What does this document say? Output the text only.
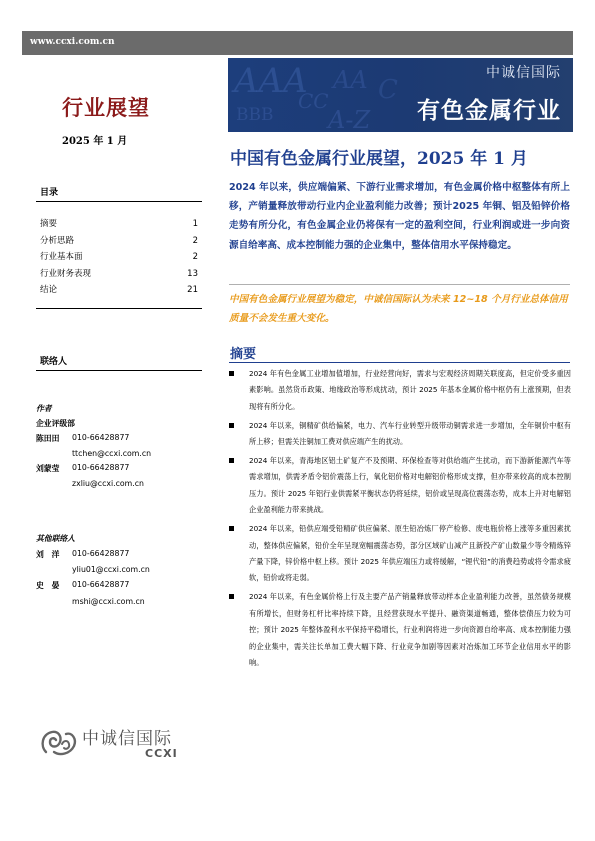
www.ccxi.com.cn
行业展望
2025 年 1 月
AAA
BBB
CC
A-Z
AA C
中诚信国际
有色金属行业
中国有色金属行业展望，2025 年 1 月
2024 年以来，供应端偏紧、下游行业需求增加，有色金属价格中枢整体有所上移，产销量释放带动行业内企业盈利能力改善；预计2025 年铜、铝及铅锌价格走势有所分化，有色金属企业仍将保有一定的盈利空间，行业利润或进一步向资源自给率高、成本控制能力强的企业集中，整体信用水平保持稳定。
中国有色金属行业展望为稳定，中诚信国际认为未来 12~18 个月行业总体信用质量不会发生重大变化。
摘要
2024 年有色金属工业增加值增加，行业经营向好，需求与宏观经济周期关联度高，但定价受多重因素影响。虽然货币政策、地缘政治等形成扰动，预计 2025 年基本金属价格中枢仍有上涨预期，但表现将有所分化。
2024 年以来，铜精矿供给偏紧，电力、汽车行业转型升级带动铜需求进一步增加，全年铜价中枢有所上移；但需关注铜加工费对供应端产生的扰动。
2024 年以来，青海地区铝土矿复产不及预期、环保检查等对供给端产生扰动，而下游新能源汽车等需求增加，供需矛盾令铝价震荡上行，氧化铝价格对电解铝价格形成支撑，但亦带来较高的成本控制压力。预计 2025 年铝行业供需紧平衡状态仍将延续，铝价或呈现高位震荡态势，成本上升对电解铝企业盈利能力带来挑战。
2024 年以来，铅供应端受铅精矿供应偏紧、原生铅冶炼厂停产检修、废电瓶价格上涨等多重因素扰动，整体供应偏紧，铅价全年呈现宽幅震荡态势，部分区域矿山减产且新投产矿山数量少等令精炼锌产量下降，锌价格中枢上移。预计 2025 年供应端压力或将缓解，“锂代铅”的消费趋势或将令需求疲软，铅价或将走弱。
2024 年以来，有色金属价格上行及主要产品产销量释放带动样本企业盈利能力改善，虽然债务规模有所增长，但财务杠杆比率持续下降，且经营获现水平提升、融资渠道畅通，整体偿债压力较为可控；预计 2025 年整体盈利水平保持平稳增长，行业利润将进一步向资源自给率高、成本控制能力强的企业集中，需关注长单加工费大幅下降、行业竞争加剧等因素对冶炼加工环节企业信用水平的影响。
目录
摘要	1
分析思路	2
行业基本面	2
行业财务表现	13
结论	21
联络人
作者
企业评级部
陈田田 010-66428877
ttchen@ccxi.com.cn
刘蒙莹 010-66428877
zxliu@ccxi.com.cn
其他联络人
刘　洋 010-66428877
yliu01@ccxi.com.cn
史　晏 010-66428877
mshi@ccxi.com.cn
中诚信国际
CCXI
